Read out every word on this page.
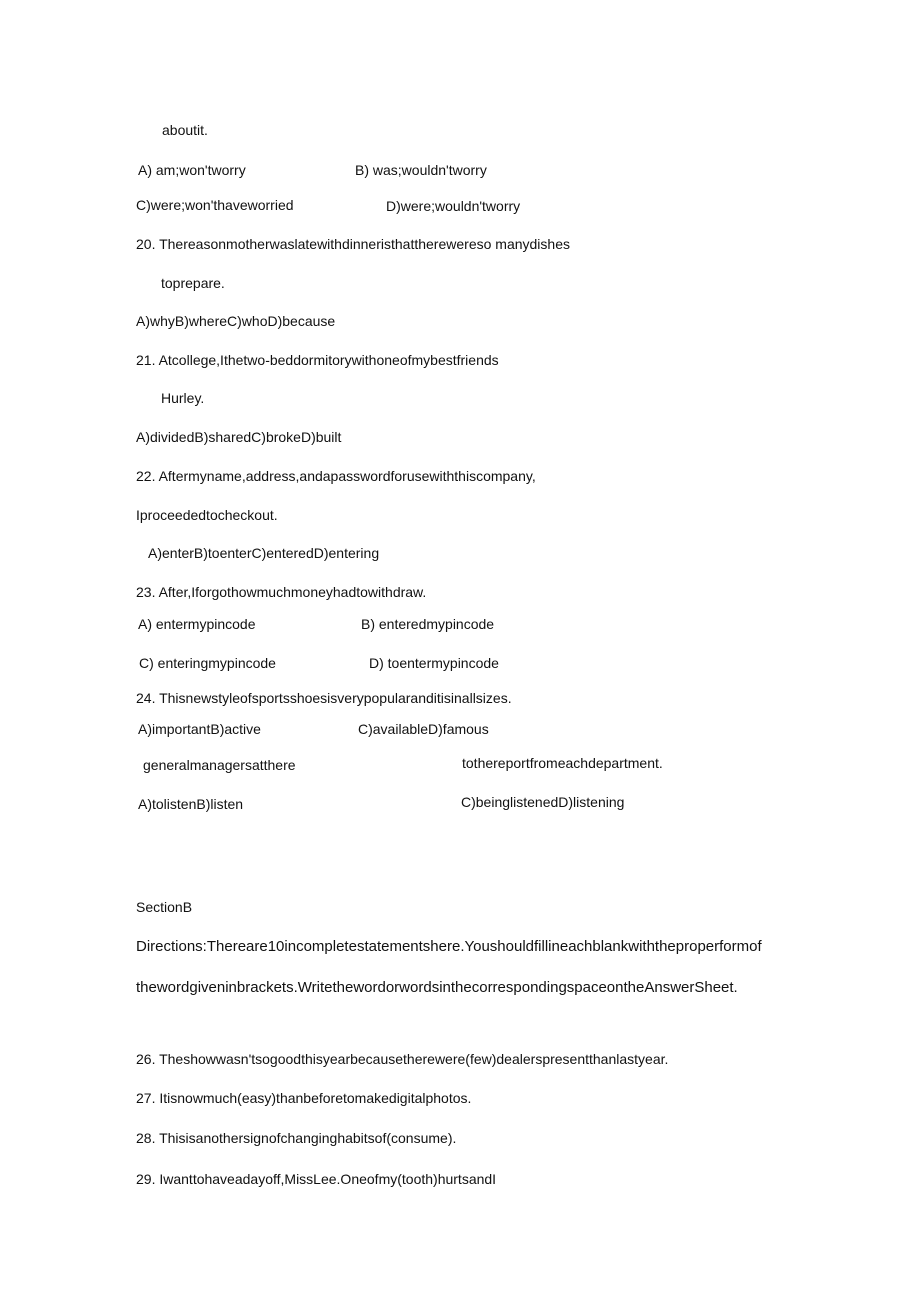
aboutit.
A) am;won'tworry	B) was;wouldn'tworry
C)were;won'thaveworried	D)were;wouldn'tworry
20. Thereasonmotherwaslatewithdinneristhattherewereso manydishes
toprepare.
A)whyB)whereC)whoD)because
21. Atcollege,Ithetwo-beddormitorywithoneofmybestfriends
Hurley.
A)dividedB)sharedC)brokeD)built
22. Aftermyname,address,andapasswordforusewiththiscompany,
Iproceededtocheckout.
A)enterB)toenterC)enteredD)entering
23. After,Iforgothowmuchmoneyhadtowithdraw.
A) entermypincode	B) enteredmypincode
C) enteringmypincode	D) toentermypincode
24. Thisnewstyleofsportsshoesisverypopularanditisinallsizes.
A)importantB)active	C)availableD)famous
generalmanagersatthere	tothereportfromeachdepartment.
A)tolistenB)listen	C)beinglistenedD)listening
SectionB
Directions:Thereare10incompletestatementshere.Youshouldfillineachblankwiththeproperformof
thewordgiveninbrackets.WritethewordorwordsinthecorrespondingspaceontheAnswerSheet.
26. Theshowwasn'tsogoodthisyearbecausetherewere(few)dealerspresentthanlastyear.
27. Itisnowmuch(easy)thanbeforetomakedigitalphotos.
28. Thisisanothersignofchanginghabitsof(consume).
29. Iwanttohaveadayoff,MissLee.Oneofmy(tooth)hurtsandI
